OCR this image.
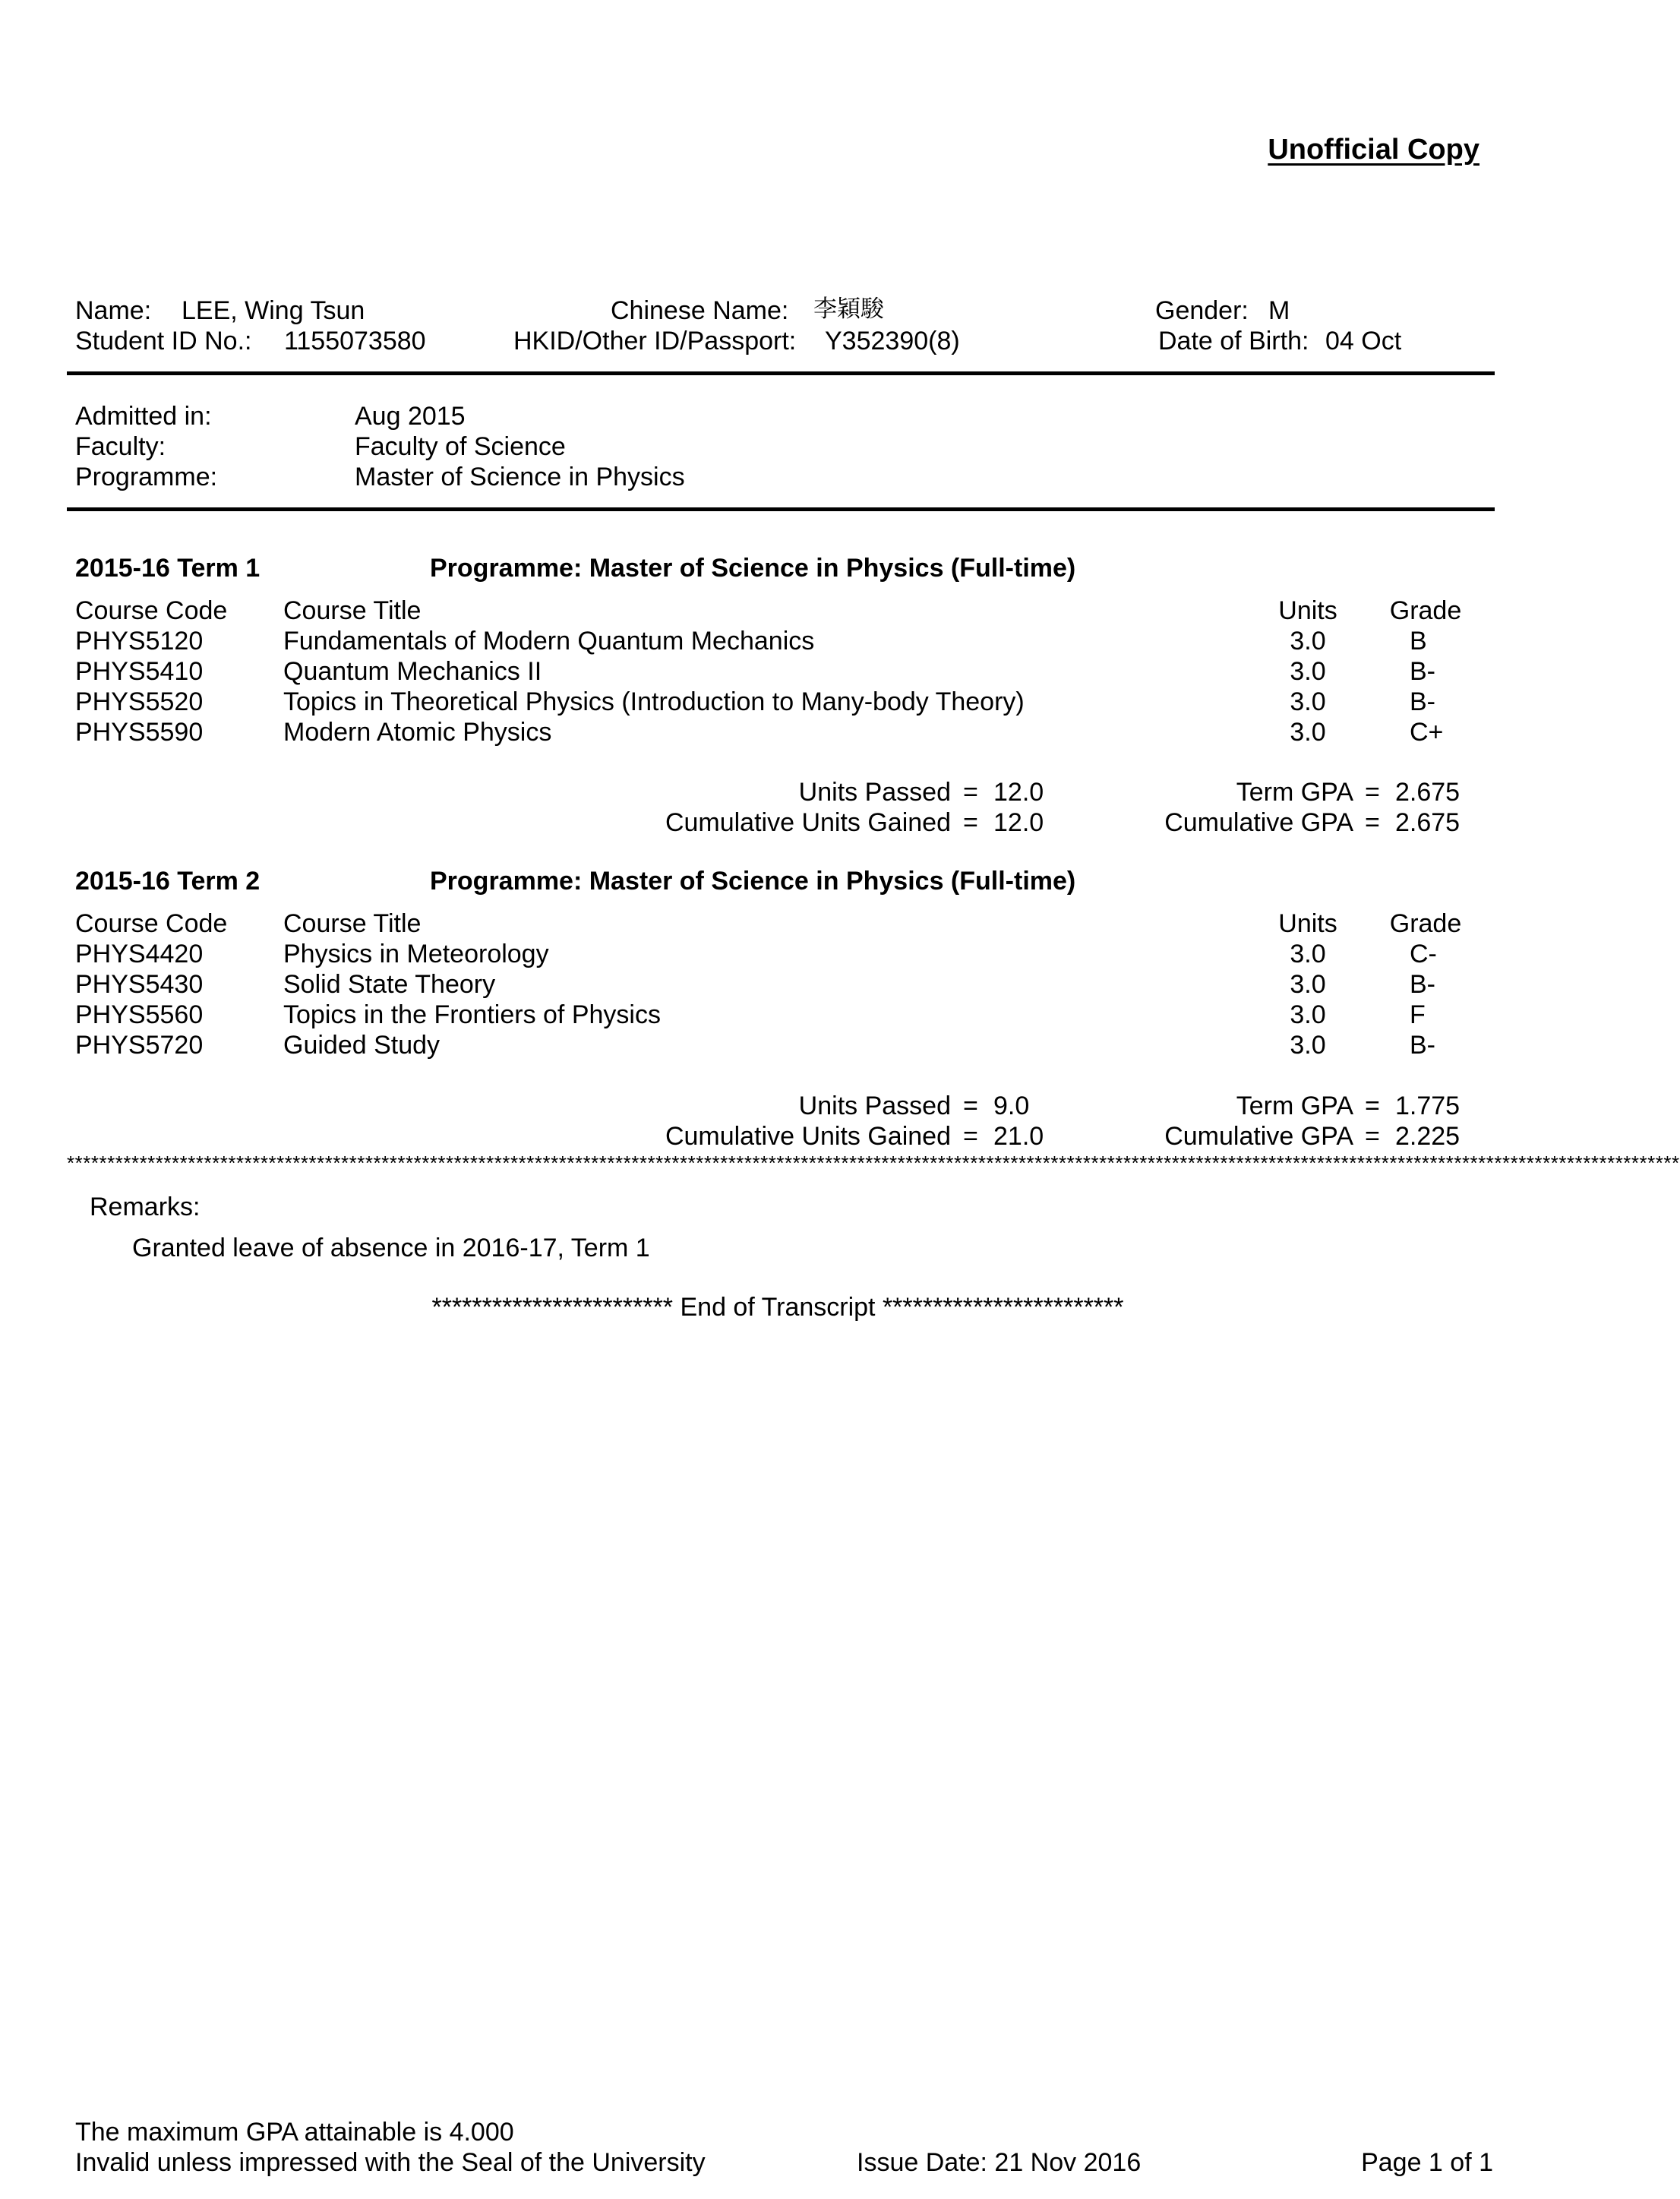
Unofficial Copy
Name: LEE, Wing Tsun	Chinese Name: 李穎駿	Gender: M
Student ID No.: 1155073580	HKID/Other ID/Passport: Y352390(8)	Date of Birth: 04 Oct
Admitted in:	Aug 2015
Faculty:	Faculty of Science
Programme:	Master of Science in Physics
2015-16 Term 1	Programme: Master of Science in Physics (Full-time)
Course Code Course Title	Units	Grade
PHYS5120	Fundamentals of Modern Quantum Mechanics	3.0	B
PHYS5410	Quantum Mechanics II	3.0	B-
PHYS5520	Topics in Theoretical Physics (Introduction to Many-body Theory)	3.0	B-
PHYS5590	Modern Atomic Physics	3.0	C+
Units Passed = 12.0	Term GPA = 2.675
Cumulative Units Gained = 12.0	Cumulative GPA = 2.675
2015-16 Term 2	Programme: Master of Science in Physics (Full-time)
Course Code Course Title	Units	Grade
PHYS4420	Physics in Meteorology	3.0	C-
PHYS5430	Solid State Theory	3.0	B-
PHYS5560	Topics in the Frontiers of Physics	3.0	F
PHYS5720	Guided Study	3.0	B-
Units Passed = 9.0	Term GPA = 1.775
Cumulative Units Gained = 21.0	Cumulative GPA = 2.225
********************************************************************************************************************************************************************************************************
Remarks:
Granted leave of absence in 2016-17, Term 1
************************ End of Transcript ************************
The maximum GPA attainable is 4.000
Invalid unless impressed with the Seal of the University	Issue Date: 21 Nov 2016	Page 1 of 1
